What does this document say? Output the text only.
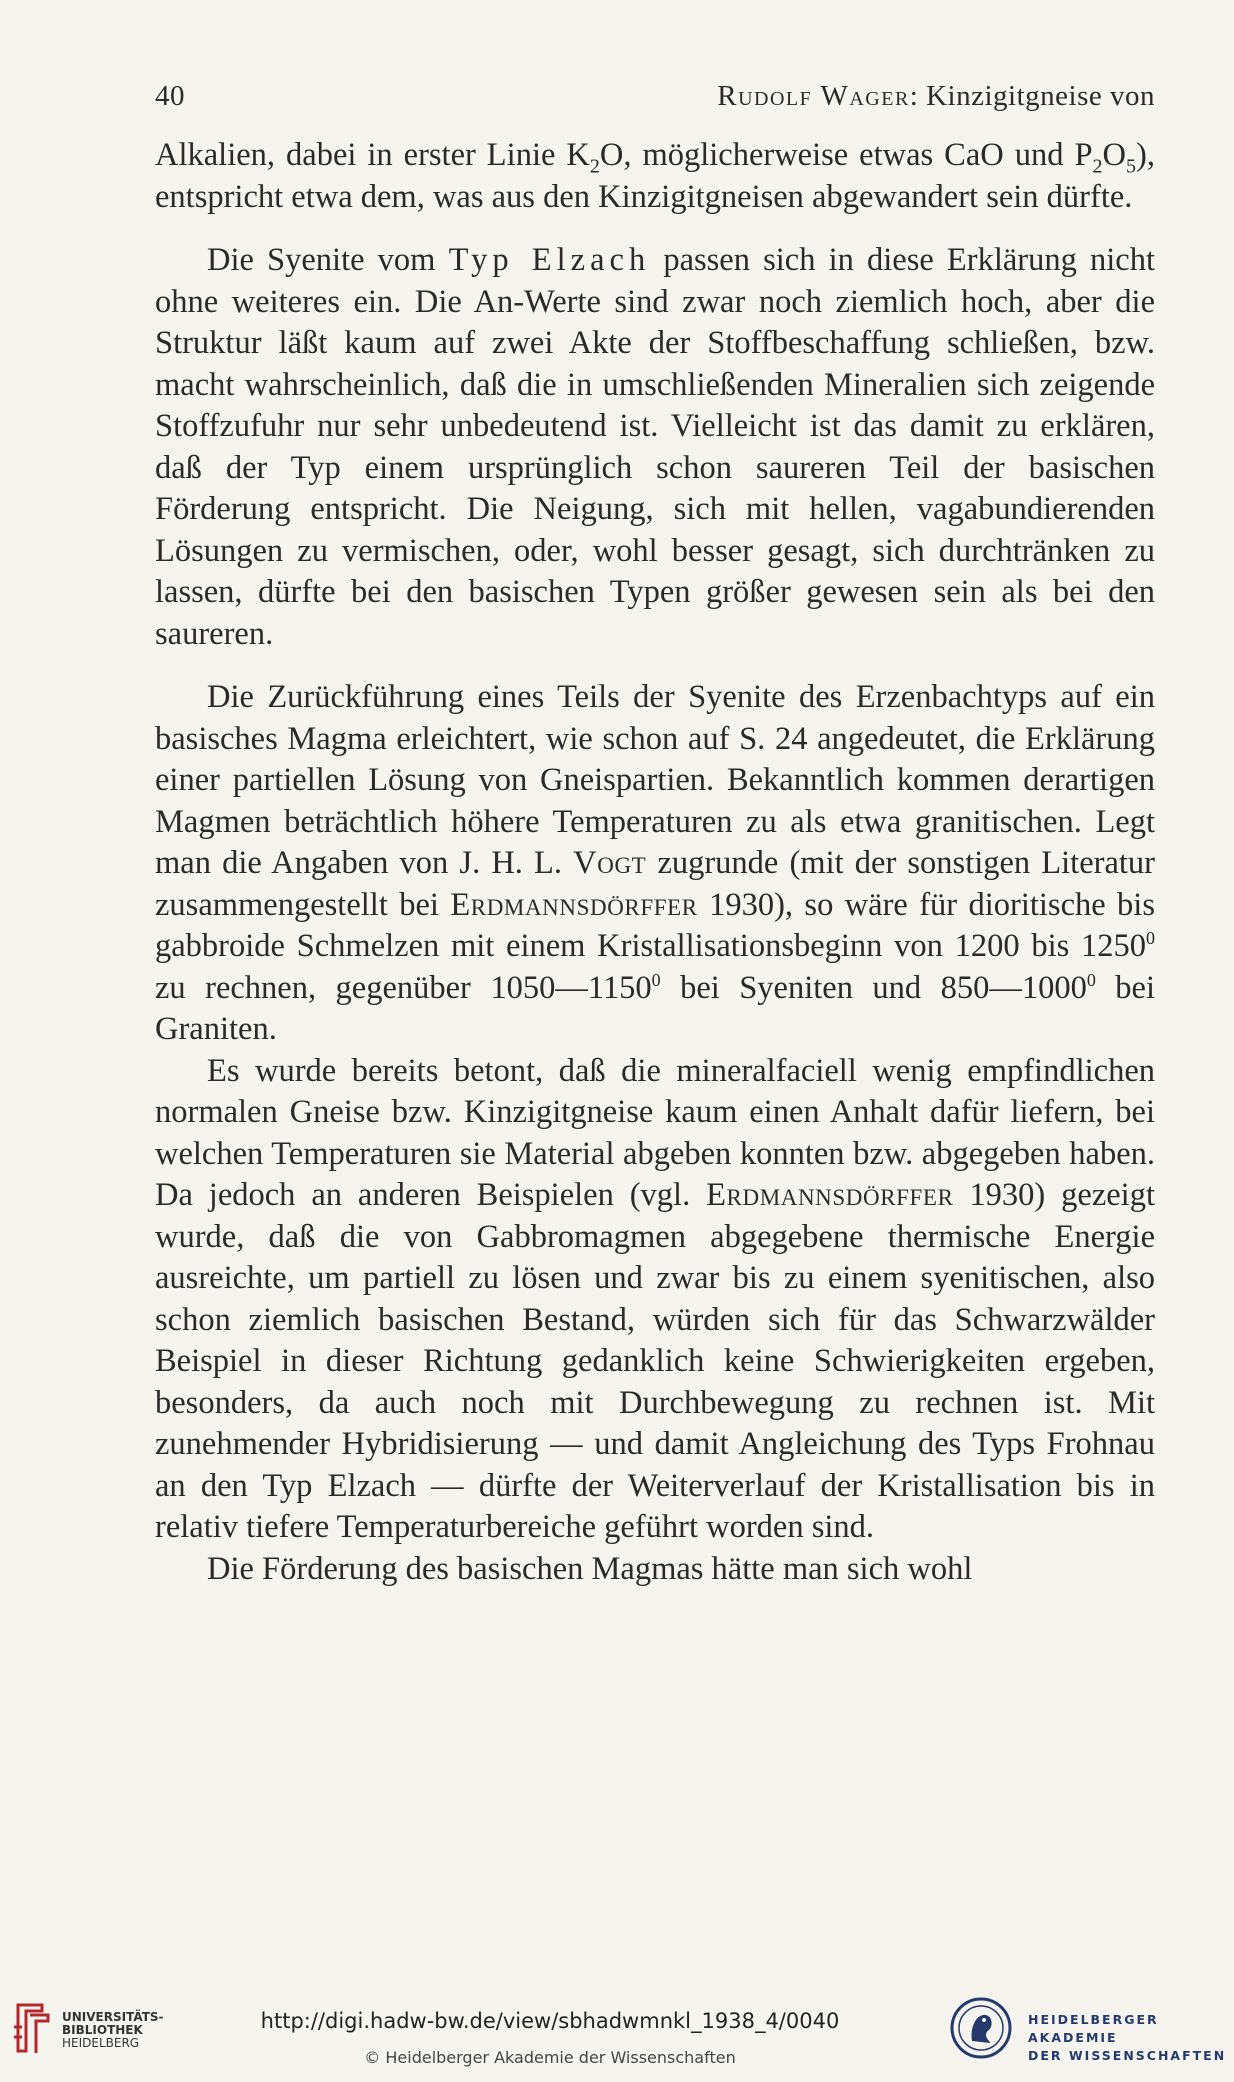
40	Rudolf Wager: Kinzigitgneise von

Alkalien, dabei in erster Linie $K_2O$, möglicherweise etwas CaO und $P_2O_5$), entspricht etwa dem, was aus den Kinzigitgneisen abgewandert sein dürfte.

Die Syenite vom Typ Elzach passen sich in diese Erklärung nicht ohne weiteres ein. Die An-Werte sind zwar noch ziemlich hoch, aber die Struktur läßt kaum auf zwei Akte der Stoffbeschaffung schließen, bzw. macht wahrscheinlich, daß die in umschließenden Mineralien sich zeigende Stoffzufuhr nur sehr unbedeutend ist. Vielleicht ist das damit zu erklären, daß der Typ einem ursprünglich schon saureren Teil der basischen Förderung entspricht. Die Neigung, sich mit hellen, vagabundierenden Lösungen zu vermischen, oder, wohl besser gesagt, sich durchtränken zu lassen, dürfte bei den basischen Typen größer gewesen sein als bei den saureren.

Die Zurückführung eines Teils der Syenite des Erzenbachtyps auf ein basisches Magma erleichtert, wie schon auf S. 24 angedeutet, die Erklärung einer partiellen Lösung von Gneispartien. Bekanntlich kommen derartigen Magmen beträchtlich höhere Temperaturen zu als etwa granitischen. Legt man die Angaben von J. H. L. Vogt zugrunde (mit der sonstigen Literatur zusammengestellt bei Erdmannsdörffer 1930), so wäre für dioritische bis gabbroide Schmelzen mit einem Kristallisationsbeginn von 1200 bis 1250$^0$ zu rechnen, gegenüber 1050—1150$^0$ bei Syeniten und 850—1000$^0$ bei Graniten.

Es wurde bereits betont, daß die mineralfaciell wenig empfindlichen normalen Gneise bzw. Kinzigitgneise kaum einen Anhalt dafür liefern, bei welchen Temperaturen sie Material abgeben konnten bzw. abgegeben haben. Da jedoch an anderen Beispielen (vgl. Erdmannsdörffer 1930) gezeigt wurde, daß die von Gabbromagmen abgegebene thermische Energie ausreichte, um partiell zu lösen und zwar bis zu einem syenitischen, also schon ziemlich basischen Bestand, würden sich für das Schwarzwälder Beispiel in dieser Richtung gedanklich keine Schwierigkeiten ergeben, besonders, da auch noch mit Durchbewegung zu rechnen ist. Mit zunehmender Hybridisierung — und damit Angleichung des Typs Frohnau an den Typ Elzach — dürfte der Weiterverlauf der Kristallisation bis in relativ tiefere Temperaturbereiche geführt worden sind.

Die Förderung des basischen Magmas hätte man sich wohl

UNIVERSITÄTS-
BIBLIOTHEK
HEIDELBERG
http://digi.hadw-bw.de/view/sbhadwmnkl_1938_4/0040
© Heidelberger Akademie der Wissenschaften
HEIDELBERGER AKADEMIE
DER WISSENSCHAFTEN
